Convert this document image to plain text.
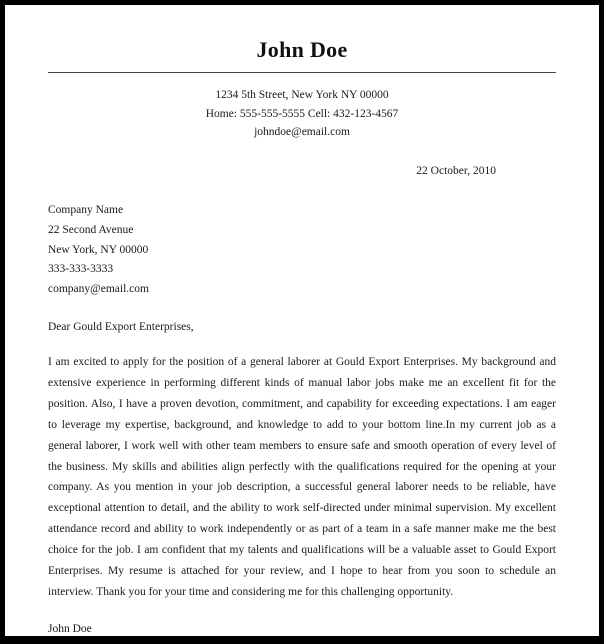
John Doe
1234 5th Street, New York NY 00000
Home: 555-555-5555 Cell: 432-123-4567
johndoe@email.com
22 October, 2010
Company Name
22 Second Avenue
New York, NY 00000
333-333-3333
company@email.com
Dear Gould Export Enterprises,
I am excited to apply for the position of a general laborer at Gould Export Enterprises. My background and extensive experience in performing different kinds of manual labor jobs make me an excellent fit for the position. Also, I have a proven devotion, commitment, and capability for exceeding expectations. I am eager to leverage my expertise, background, and knowledge to add to your bottom line.In my current job as a general laborer, I work well with other team members to ensure safe and smooth operation of every level of the business. My skills and abilities align perfectly with the qualifications required for the opening at your company. As you mention in your job description, a successful general laborer needs to be reliable, have exceptional attention to detail, and the ability to work self-directed under minimal supervision. My excellent attendance record and ability to work independently or as part of a team in a safe manner make me the best choice for the job. I am confident that my talents and qualifications will be a valuable asset to Gould Export Enterprises. My resume is attached for your review, and I hope to hear from you soon to schedule an interview. Thank you for your time and considering me for this challenging opportunity.
John Doe
